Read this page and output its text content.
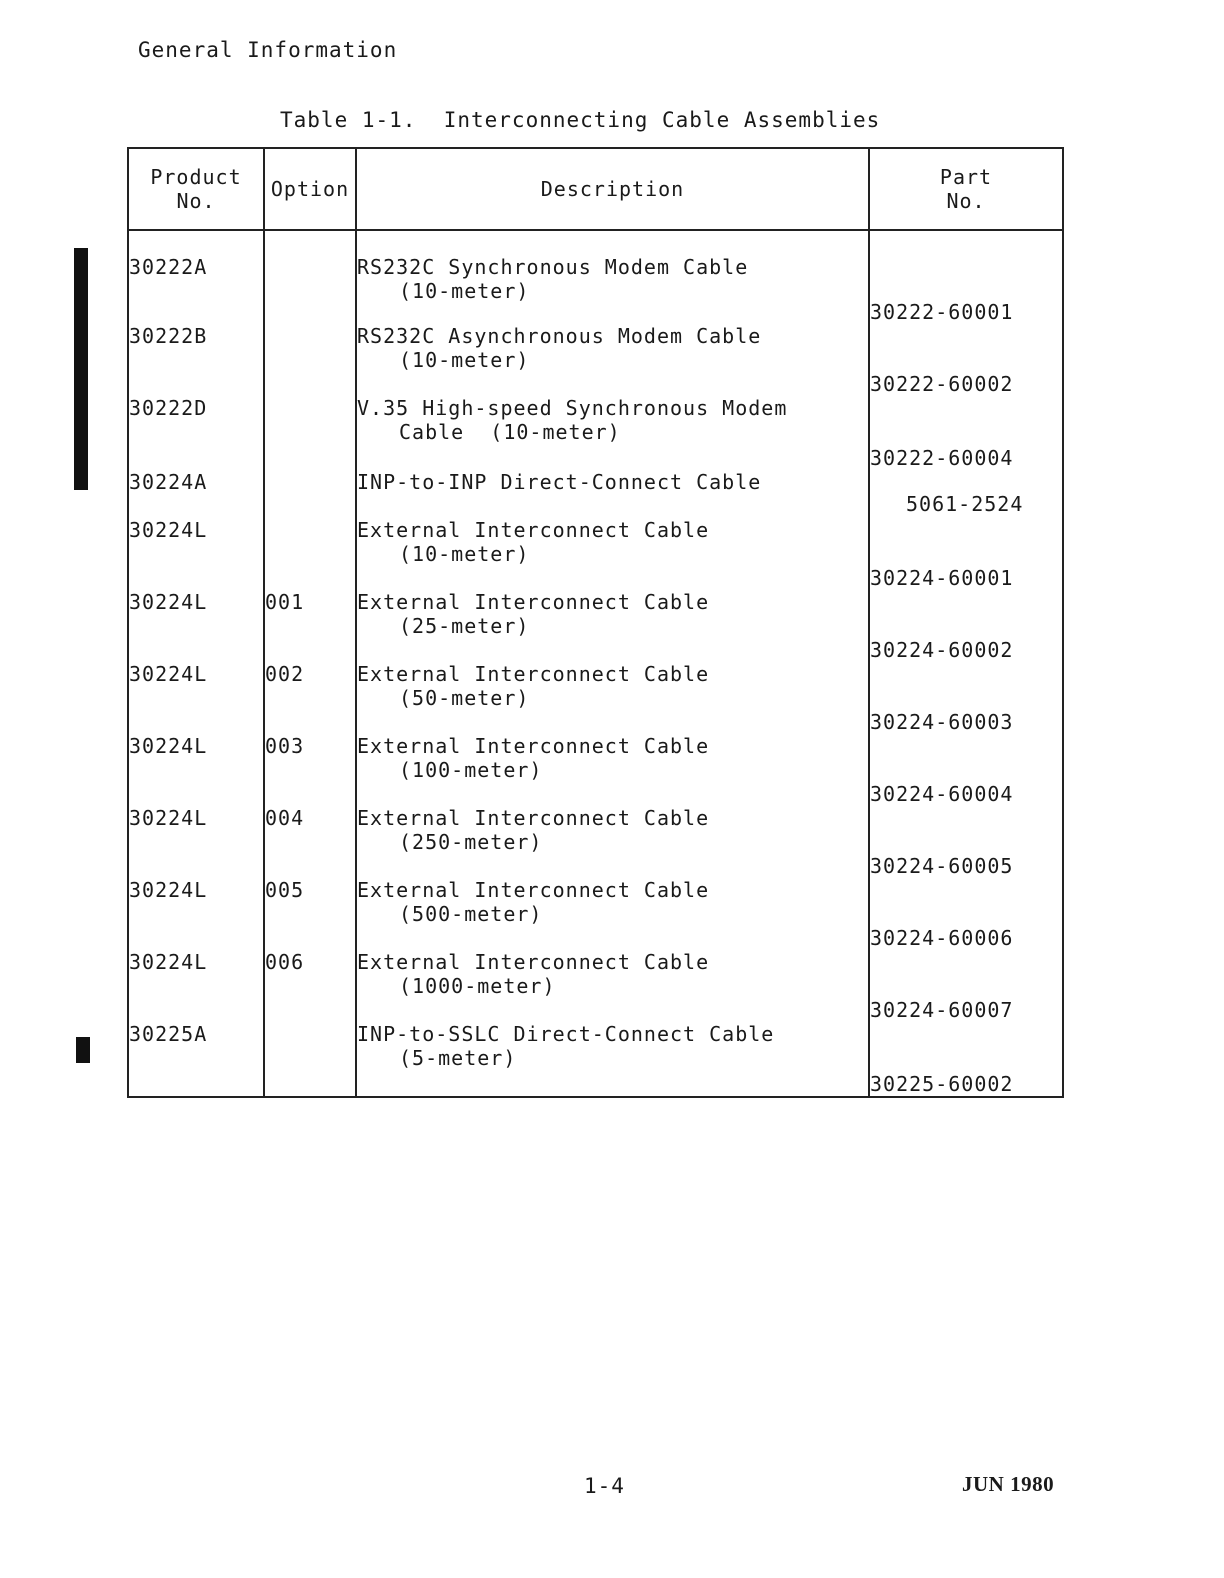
General Information
Table 1-1.  Interconnecting Cable Assemblies
Product
No.	Option	Description	Part
No.
30222A		RS232C Synchronous Modem Cable
(10-meter)	30222-60001
30222B		RS232C Asynchronous Modem Cable
(10-meter)	30222-60002
30222D		V.35 High-speed Synchronous Modem
Cable  (10-meter)	30222-60004
30224A		INP-to-INP Direct-Connect Cable	5061-2524
30224L		External Interconnect Cable
(10-meter)	30224-60001
30224L	001	External Interconnect Cable
(25-meter)	30224-60002
30224L	002	External Interconnect Cable
(50-meter)	30224-60003
30224L	003	External Interconnect Cable
(100-meter)	30224-60004
30224L	004	External Interconnect Cable
(250-meter)	30224-60005
30224L	005	External Interconnect Cable
(500-meter)	30224-60006
30224L	006	External Interconnect Cable
(1000-meter)	30224-60007
30225A		INP-to-SSLC Direct-Connect Cable
(5-meter)	30225-60002
1-4	JUN 1980
